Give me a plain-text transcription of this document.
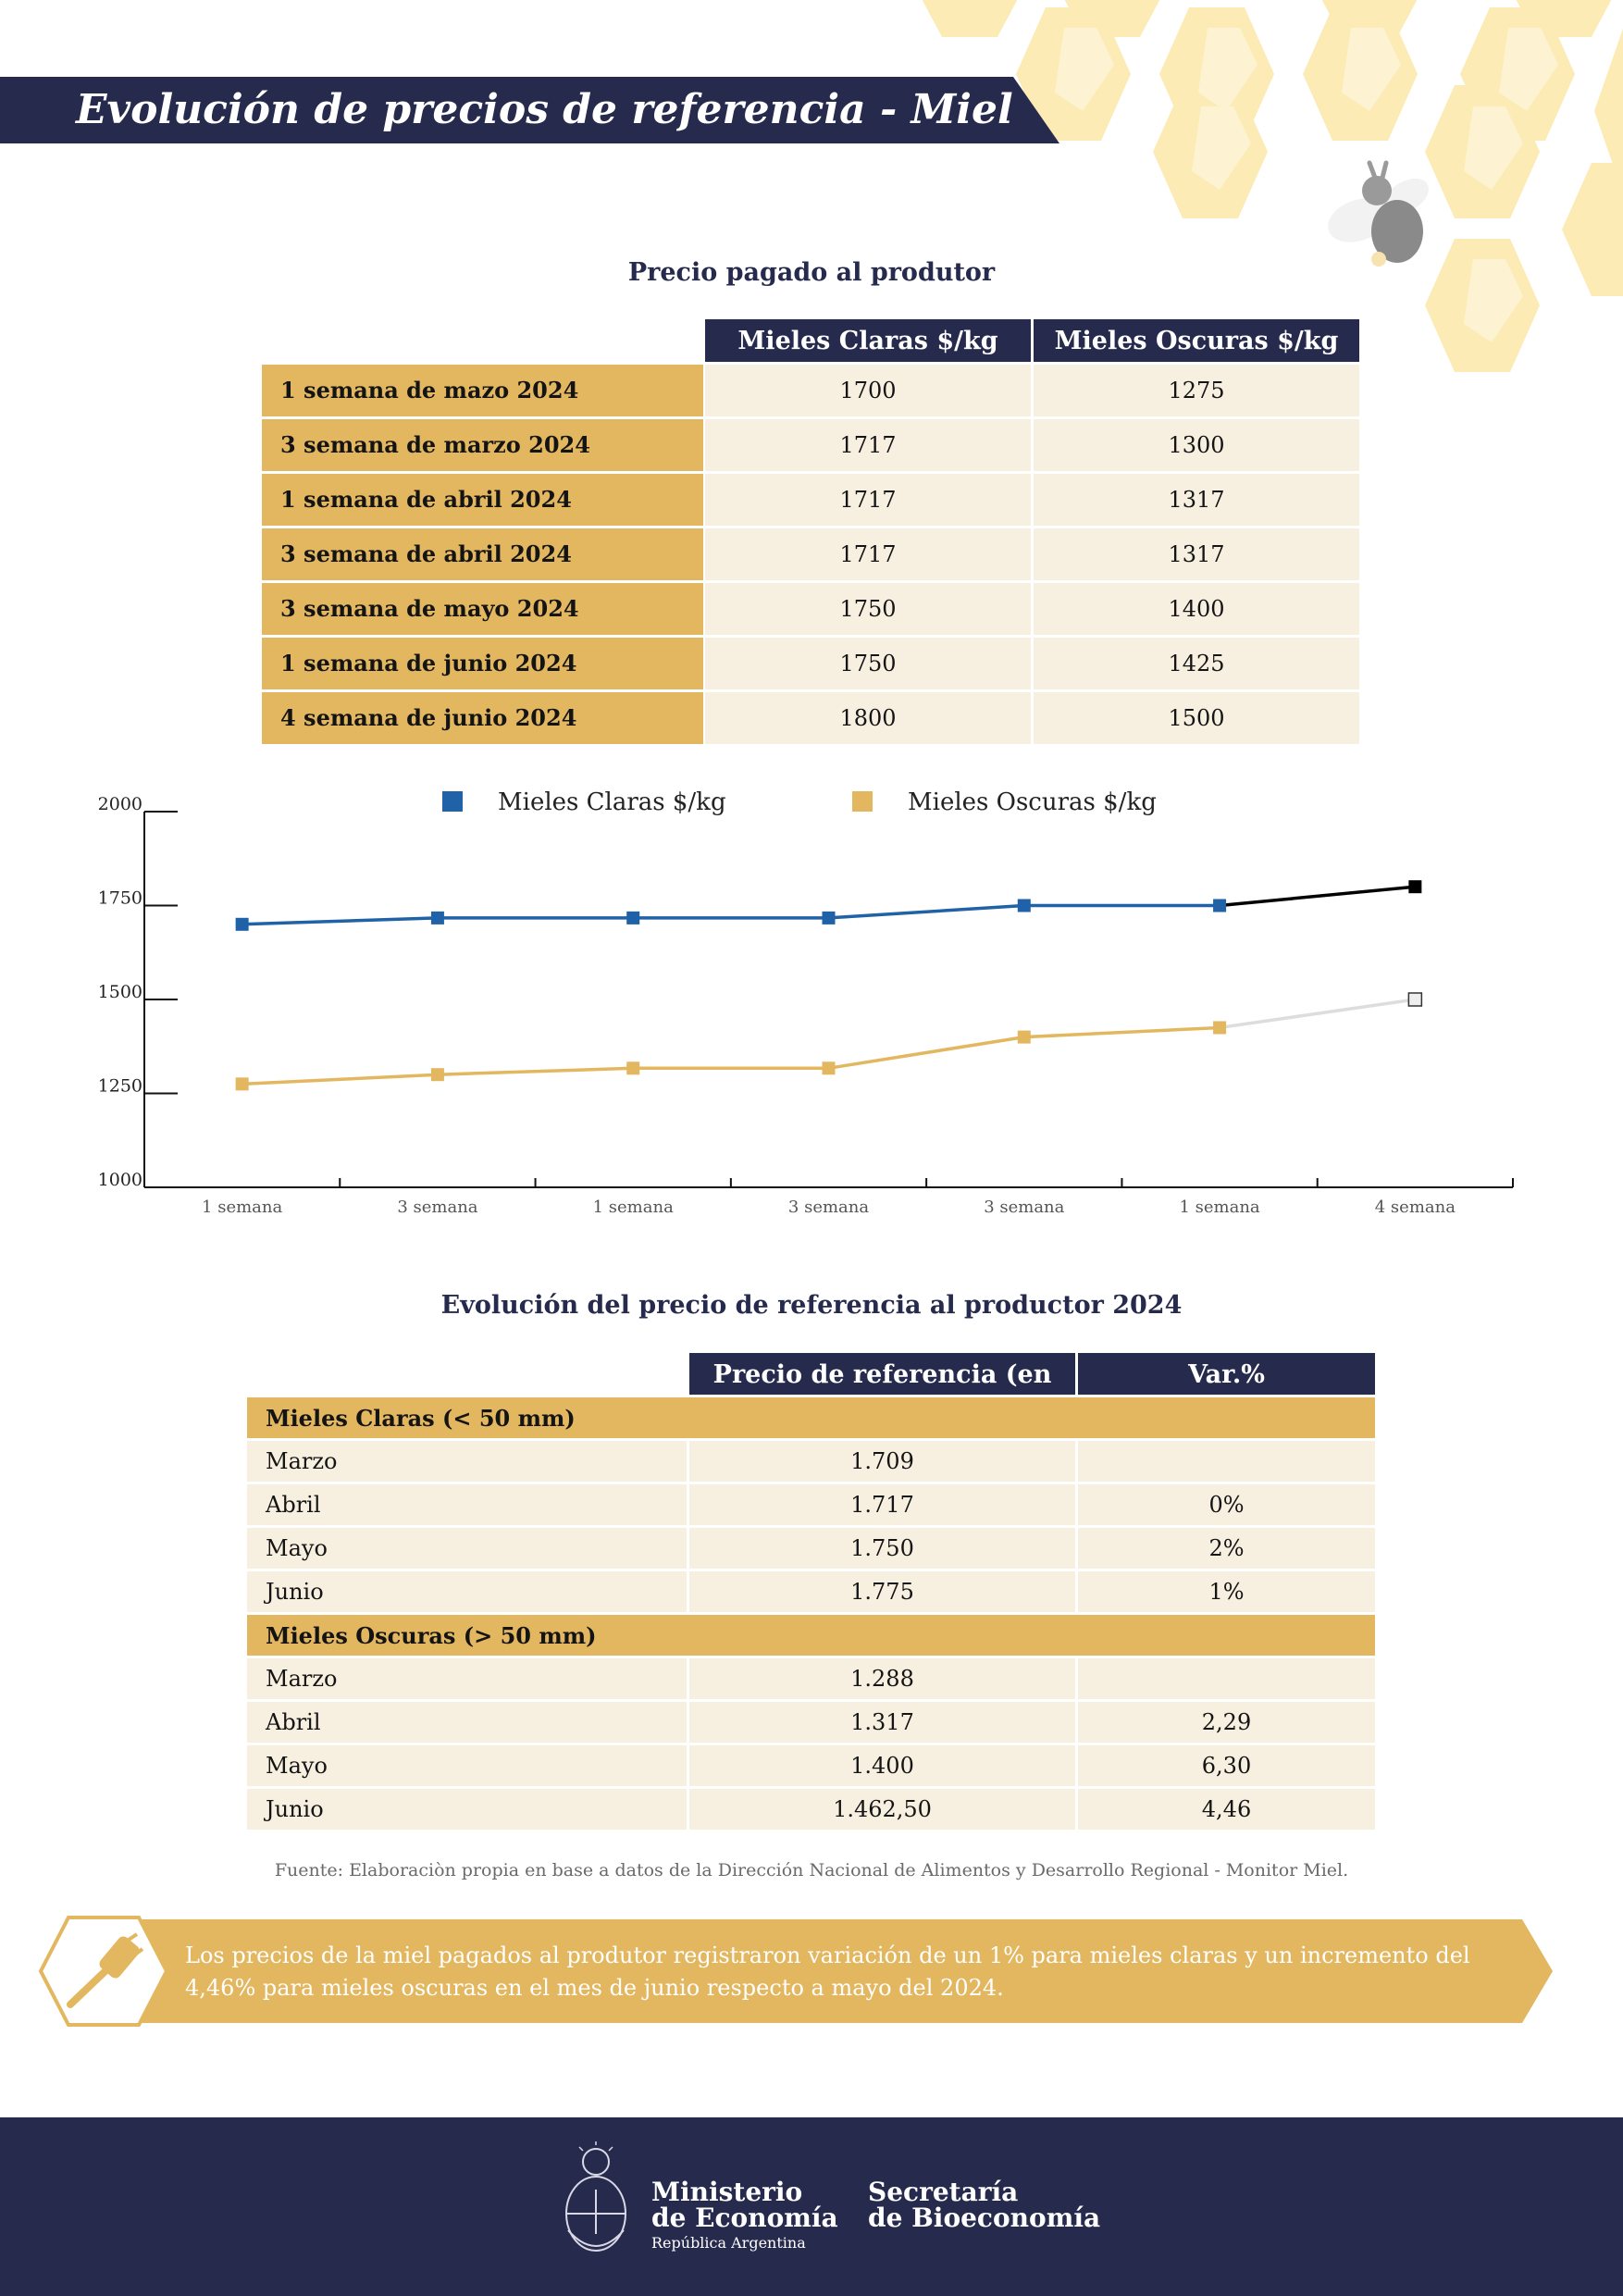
Evolución de precios de referencia - Miel
Precio pagado al produtor
Mieles Claras $/kg	Mieles Oscuras $/kg
1 semana de mazo 2024	1700	1275
3 semana de marzo 2024	1717	1300
1 semana de abril 2024	1717	1317
3 semana de abril 2024	1717	1317
3 semana de mayo 2024	1750	1400
1 semana de junio 2024	1750	1425
4 semana de junio 2024	1800	1500
2000
1750
1500
1250
1000
1 semana	3 semana	1 semana	3 semana	3 semana	1 semana	4 semana
Mieles Claras $/kg	Mieles Oscuras $/kg
Evolución del precio de referencia al productor 2024
Precio de referencia (en	Var.%
Mieles Claras (< 50 mm)
Marzo	1.709
Abril	1.717	0%
Mayo	1.750	2%
Junio	1.775	1%
Mieles Oscuras (> 50 mm)
Marzo	1.288
Abril	1.317	2,29
Mayo	1.400	6,30
Junio	1.462,50	4,46
Fuente: Elaboraciòn propia en base a datos de la Dirección Nacional de Alimentos y Desarrollo Regional - Monitor Miel.
Los precios de la miel pagados al produtor registraron variación de un 1% para mieles claras y un incremento del 4,46% para mieles oscuras en el mes de junio respecto a mayo del 2024.
Ministerio
de Economía
República Argentina
Secretaría
de Bioeconomía
